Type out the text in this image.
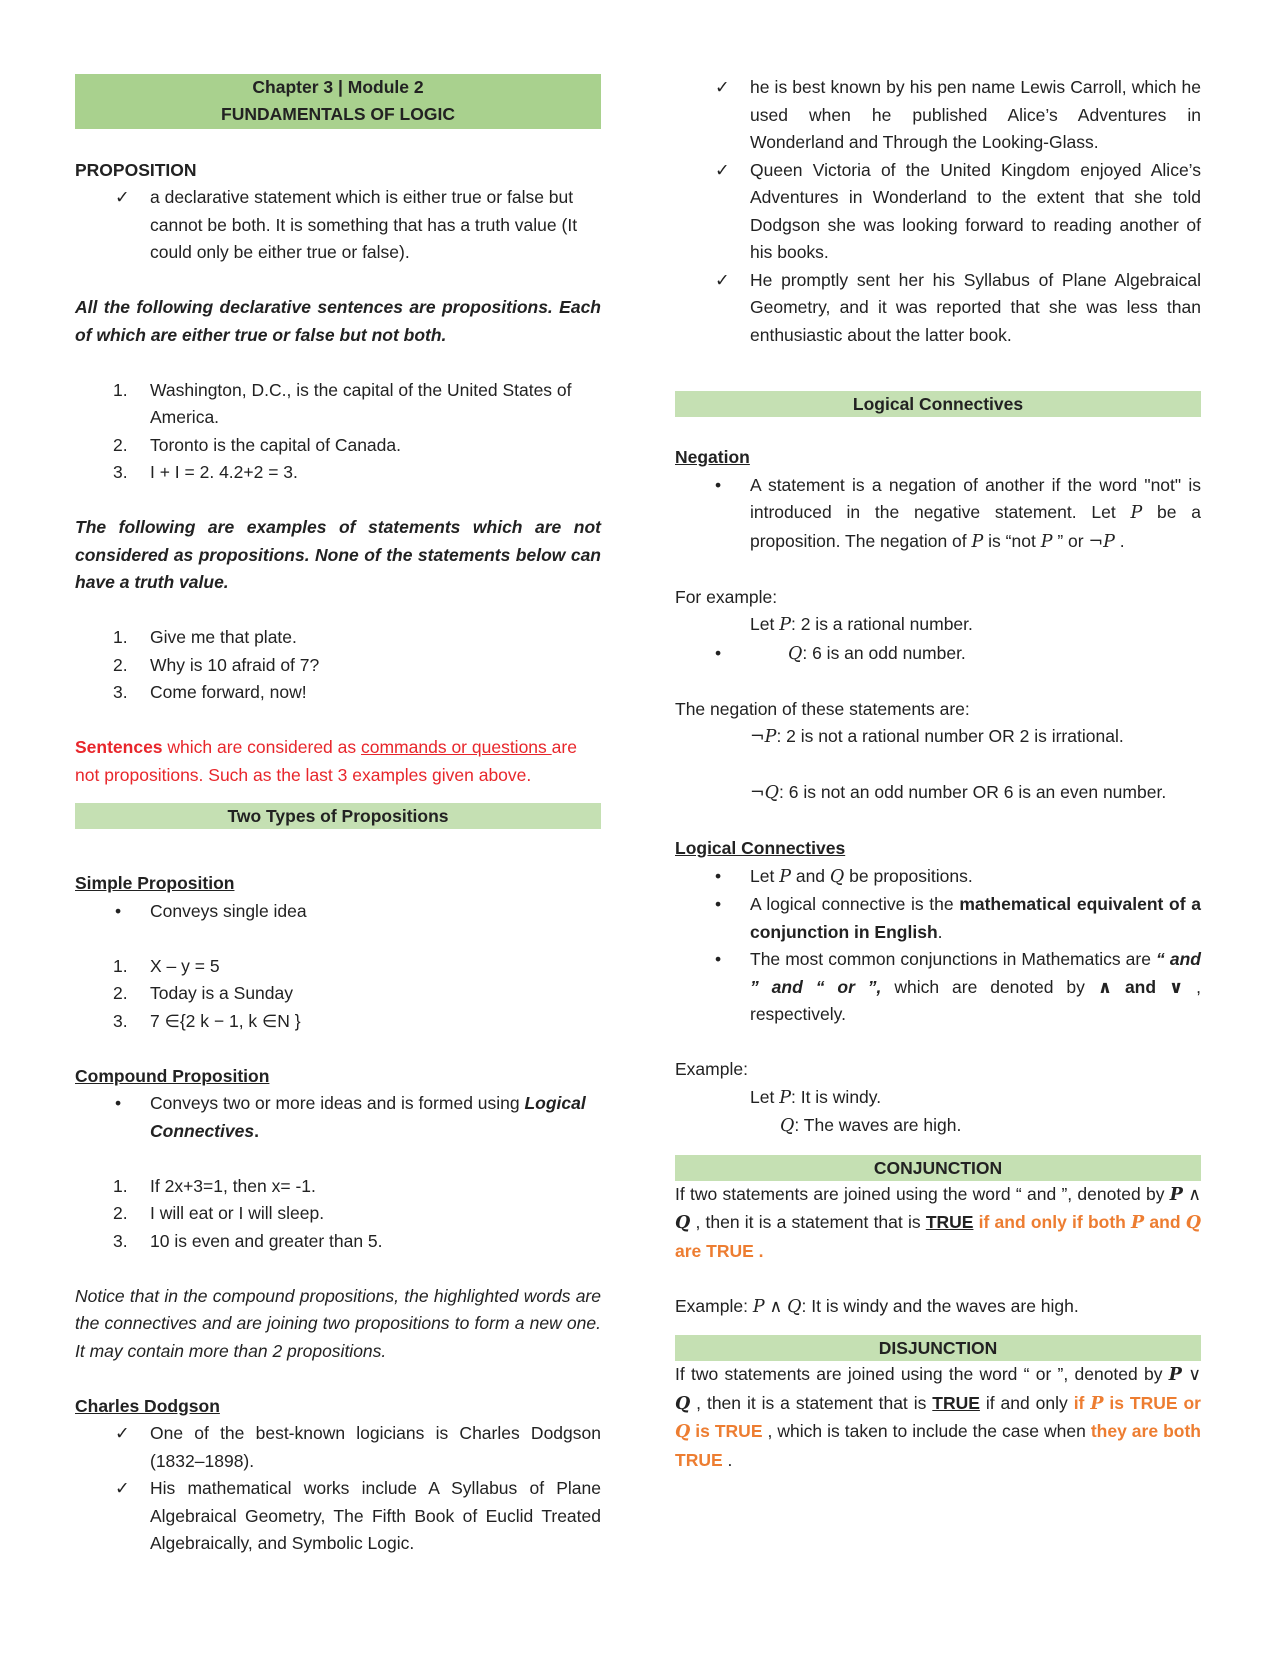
Chapter 3 | Module 2
FUNDAMENTALS OF LOGIC

PROPOSITION

✓	a declarative statement which is either true or false but cannot be both. It is something that has a truth value (It could only be either true or false).

All the following declarative sentences are propositions. Each of which are either true or false but not both.

1. Washington, D.C., is the capital of the United States of America.
2. Toronto is the capital of Canada.
3. I + I = 2. 4.2+2 = 3.

The following are examples of statements which are not considered as propositions. None of the statements below can have a truth value.

1. Give me that plate.
2. Why is 10 afraid of 7?
3. Come forward, now!

Sentences which are considered as commands or questions are not propositions. Such as the last 3 examples given above.

Two Types of Propositions

Simple Proposition

•	Conveys single idea
1. X – y = 5
2. Today is a Sunday
3. 7 ∈{2 k − 1, k ∈N }

Compound Proposition

•	Conveys two or more ideas and is formed using Logical Connectives.
1. If 2x+3=1, then x= -1.
2. I will eat or I will sleep.
3. 10 is even and greater than 5.

Notice that in the compound propositions, the highlighted words are the connectives and are joining two propositions to form a new one. It may contain more than 2 propositions.

Charles Dodgson

✓	One of the best-known logicians is Charles Dodgson (1832–1898).
✓	His mathematical works include A Syllabus of Plane Algebraical Geometry, The Fifth Book of Euclid Treated Algebraically, and Symbolic Logic.
✓	he is best known by his pen name Lewis Carroll, which he used when he published Alice’s Adventures in Wonderland and Through the Looking-Glass.
✓	Queen Victoria of the United Kingdom enjoyed Alice’s Adventures in Wonderland to the extent that she told Dodgson she was looking forward to reading another of his books.
✓	He promptly sent her his Syllabus of Plane Algebraical Geometry, and it was reported that she was less than enthusiastic about the latter book.
Logical Connectives

Negation

•	A statement is a negation of another if the word "not" is introduced in the negative statement. Let P be a proposition. The negation of P is “not P ” or ¬P .

For example:

Let P: 2 is a rational number.
•	Q: 6 is an odd number.

The negation of these statements are:

¬P: 2 is not a rational number OR 2 is irrational.
¬Q: 6 is not an odd number OR 6 is an even number.

Logical Connectives

•	Let P and Q be propositions.
•	A logical connective is the mathematical equivalent of a conjunction in English.
•	The most common conjunctions in Mathematics are “ and ” and “ or ”, which are denoted by ∧ and ∨ , respectively.

Example:

Let P: It is windy.
Q: The waves are high.
CONJUNCTION

If two statements are joined using the word “ and ”, denoted by P ∧ Q , then it is a statement that is TRUE if and only if both P and Q are TRUE .

Example: P ∧ Q: It is windy and the waves are high.

DISJUNCTION

If two statements are joined using the word “ or ”, denoted by P ∨ Q , then it is a statement that is TRUE if and only if P is TRUE or Q is TRUE , which is taken to include the case when they are both TRUE .
